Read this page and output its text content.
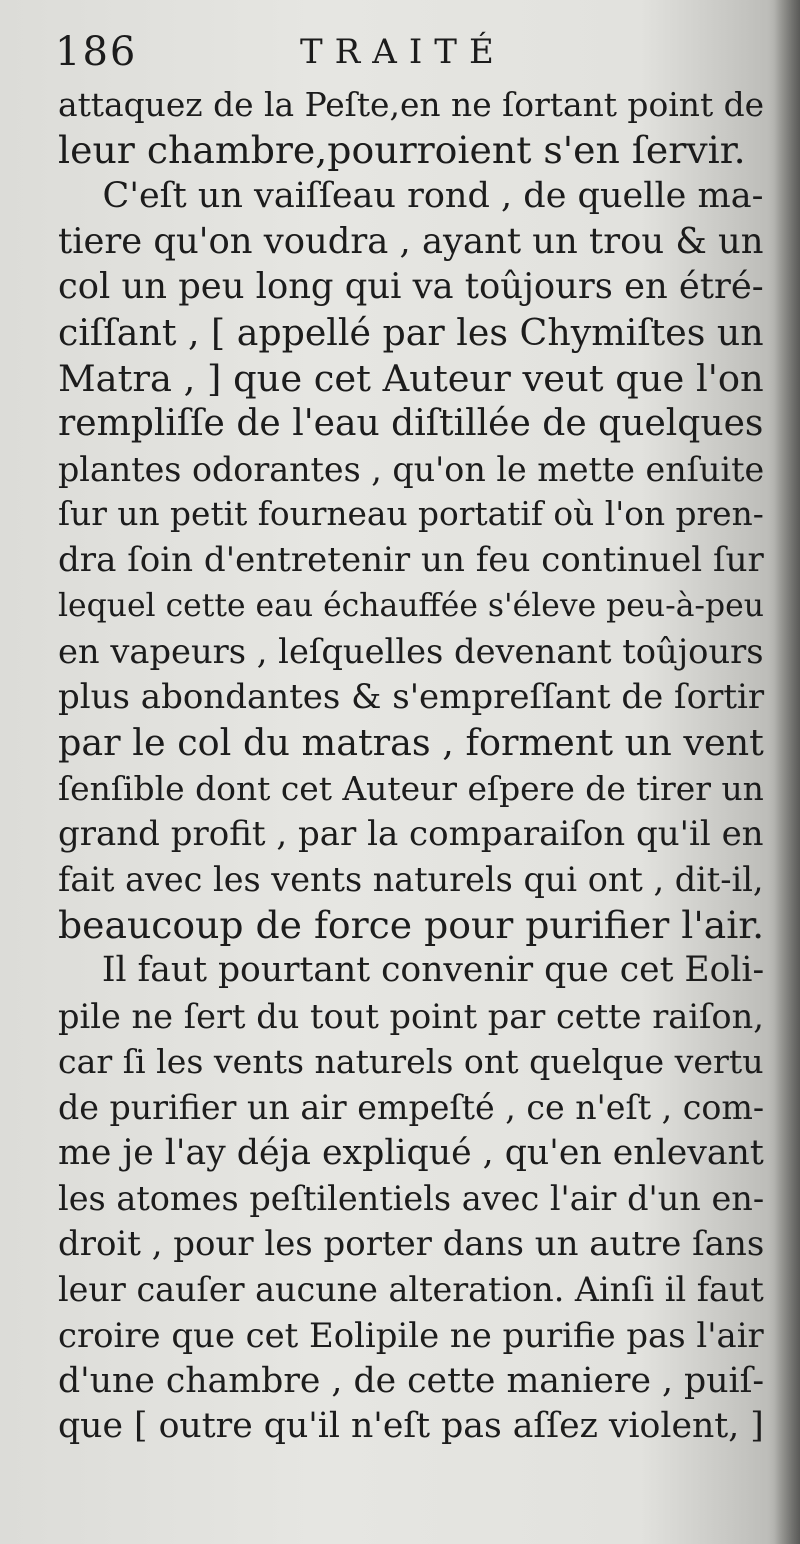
186	TRAITÉ
attaquez de la Peſte,en ne ſortant point de
leur chambre,pourroient s'en ſervir.
C'eſt un vaiſſeau rond , de quelle ma-
tiere qu'on voudra , ayant un trou & un
col un peu long qui va toûjours en étré-
ciſſant , [ appellé par les Chymiſtes un
Matra , ] que cet Auteur veut que l'on
rempliſſe de l'eau diſtillée de quelques
plantes odorantes , qu'on le mette enſuite
ſur un petit fourneau portatif où l'on pren-
dra ſoin d'entretenir un feu continuel ſur
lequel cette eau échauffée s'éleve peu-à-peu
en vapeurs , leſquelles devenant toûjours
plus abondantes & s'empreſſant de ſortir
par le col du matras , forment un vent
ſenſible dont cet Auteur eſpere de tirer un
grand profit , par la comparaiſon qu'il en
fait avec les vents naturels qui ont , dit-il,
beaucoup de force pour purifier l'air.
Il faut pourtant convenir que cet Eoli-
pile ne ſert du tout point par cette raiſon,
car ſi les vents naturels ont quelque vertu
de purifier un air empeſté , ce n'eſt , com-
me je l'ay déja expliqué , qu'en enlevant
les atomes peſtilentiels avec l'air d'un en-
droit , pour les porter dans un autre ſans
leur cauſer aucune alteration. Ainſi il faut
croire que cet Eolipile ne purifie pas l'air
d'une chambre , de cette maniere , puiſ-
que [ outre qu'il n'eſt pas aſſez violent, ]
